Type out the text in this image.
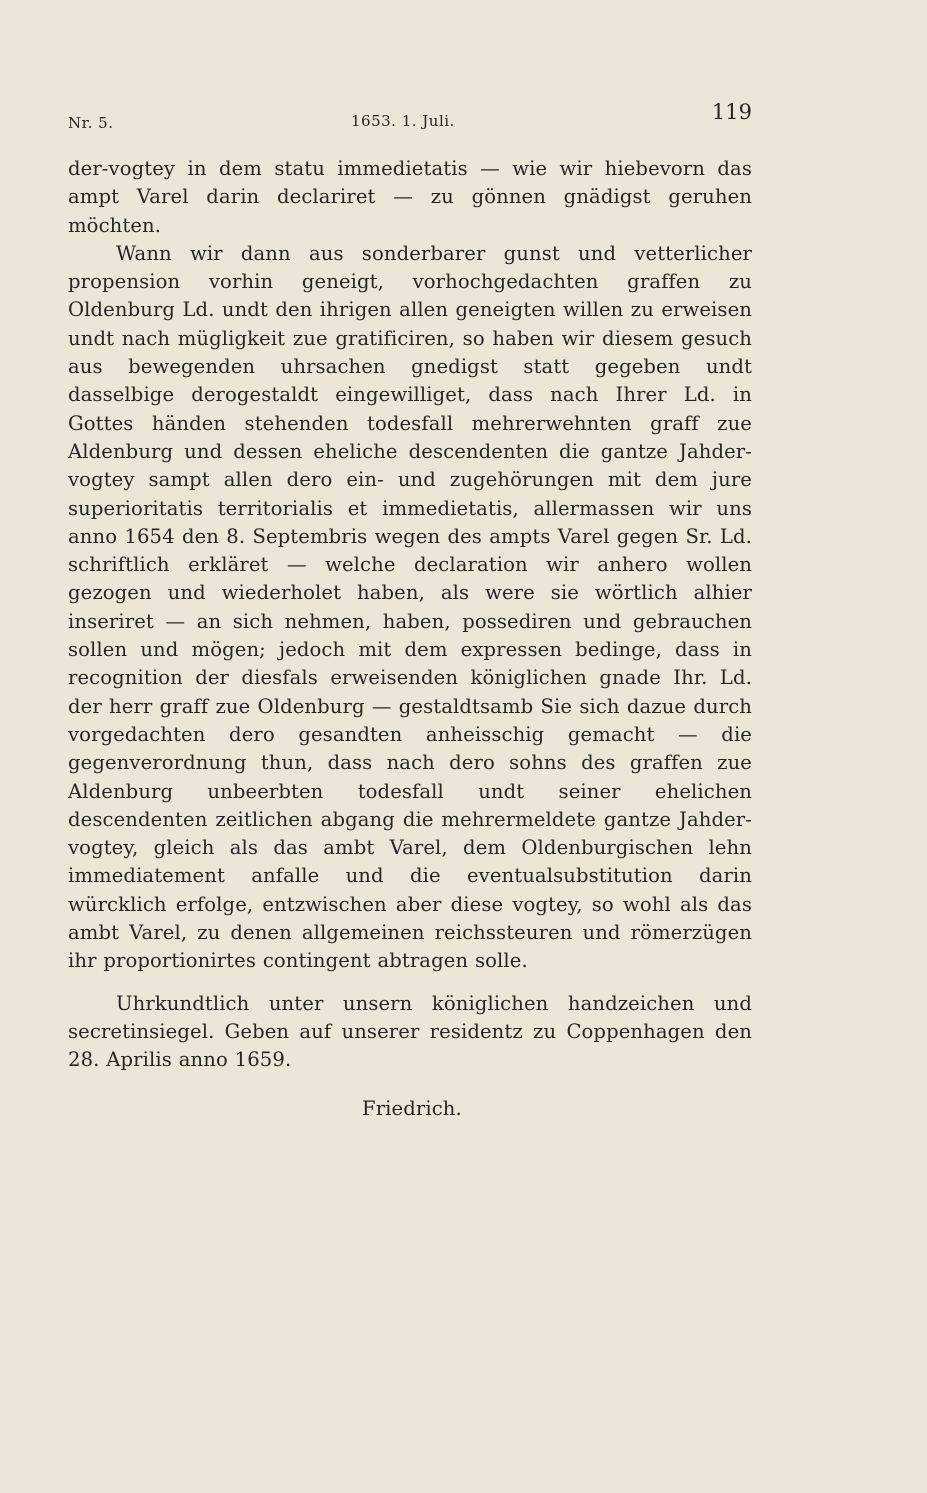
Nr. 5.	1653. 1. Juli.	119

der-vogtey in dem statu immedietatis — wie wir hiebevorn das ampt Varel darin declariret — zu gönnen gnädigst geruhen möchten.

Wann wir dann aus sonderbarer gunst und vetterlicher propension vorhin geneigt, vorhochgedachten graffen zu Oldenburg Ld. undt den ihrigen allen geneigten willen zu erweisen undt nach mügligkeit zue gratificiren, so haben wir diesem gesuch aus bewegenden uhrsachen gnedigst statt gegeben undt dasselbige derogestaldt eingewilliget, dass nach Ihrer Ld. in Gottes händen stehenden todesfall mehrerwehnten graff zue Aldenburg und dessen eheliche descendenten die gantze Jahder-vogtey sampt allen dero ein- und zugehörungen mit dem jure superioritatis territorialis et immedietatis, allermassen wir uns anno 1654 den 8. Septembris wegen des ampts Varel gegen Sr. Ld. schriftlich erkläret — welche declaration wir anhero wollen gezogen und wiederholet haben, als were sie wörtlich alhier inseriret — an sich nehmen, haben, possediren und gebrauchen sollen und mögen; jedoch mit dem expressen bedinge, dass in recognition der diesfals erweisenden königlichen gnade Ihr. Ld. der herr graff zue Oldenburg — gestaldtsamb Sie sich dazue durch vorgedachten dero gesandten anheisschig gemacht — die gegenverordnung thun, dass nach dero sohns des graffen zue Aldenburg unbeerbten todesfall undt seiner ehelichen descendenten zeitlichen abgang die mehrermeldete gantze Jahder-vogtey, gleich als das ambt Varel, dem Oldenburgischen lehn immediatement anfalle und die eventualsubstitution darin würcklich erfolge, entzwischen aber diese vogtey, so wohl als das ambt Varel, zu denen allgemeinen reichssteuren und römerzügen ihr proportionirtes contingent abtragen solle.

Uhrkundtlich unter unsern königlichen handzeichen und secretinsiegel. Geben auf unserer residentz zu Coppenhagen den 28. Aprilis anno 1659.

Friedrich.
